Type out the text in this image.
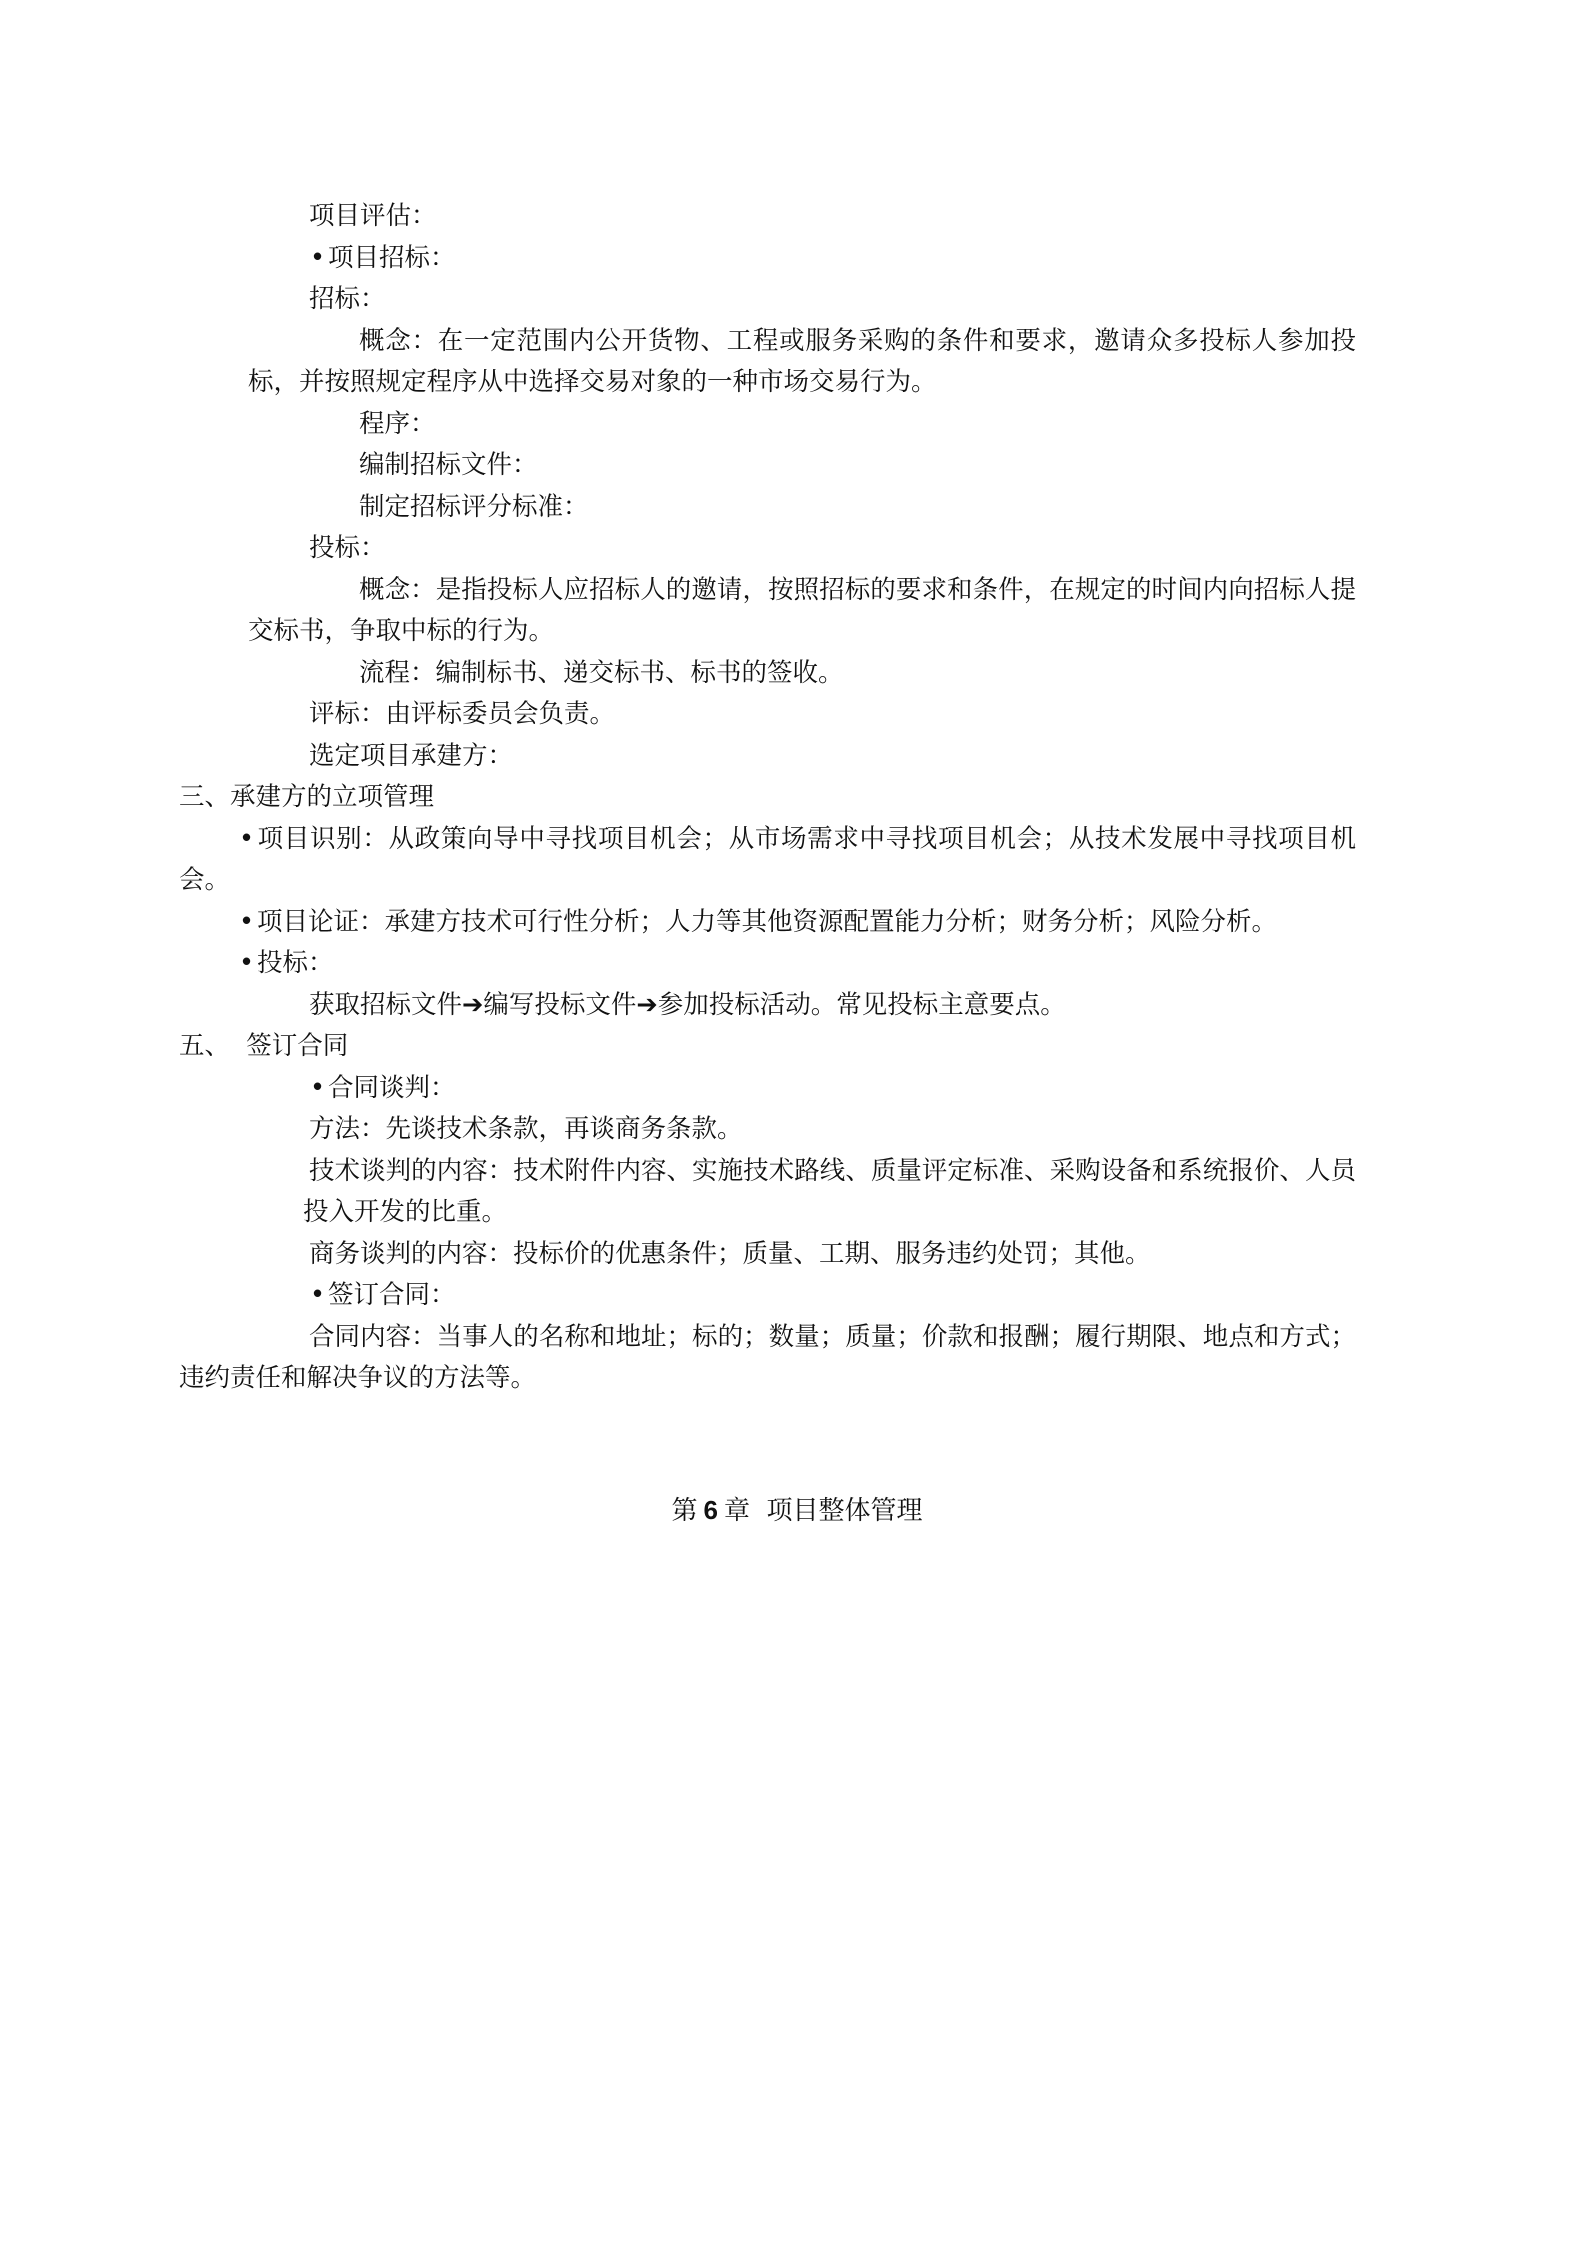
项目评估：
• 项目招标：
招标：
概念：在一定范围内公开货物、工程或服务采购的条件和要求，邀请众多投标人参加投标，并按照规定程序从中选择交易对象的一种市场交易行为。
程序：
编制招标文件：
制定招标评分标准：
投标：
概念：是指投标人应招标人的邀请，按照招标的要求和条件，在规定的时间内向招标人提交标书，争取中标的行为。
流程：编制标书、递交标书、标书的签收。
评标：由评标委员会负责。
选定项目承建方：
三、承建方的立项管理
• 项目识别：从政策向导中寻找项目机会；从市场需求中寻找项目机会；从技术发展中寻找项目机会。
• 项目论证：承建方技术可行性分析；人力等其他资源配置能力分析；财务分析；风险分析。
• 投标：
获取招标文件➔编写投标文件➔参加投标活动。常见投标主意要点。
五、  签订合同
• 合同谈判：
方法：先谈技术条款，再谈商务条款。
技术谈判的内容：技术附件内容、实施技术路线、质量评定标准、采购设备和系统报价、人员投入开发的比重。
商务谈判的内容：投标价的优惠条件；质量、工期、服务违约处罚；其他。
• 签订合同：
合同内容：当事人的名称和地址；标的；数量；质量；价款和报酬；履行期限、地点和方式；违约责任和解决争议的方法等。
第 6 章 项目整体管理
